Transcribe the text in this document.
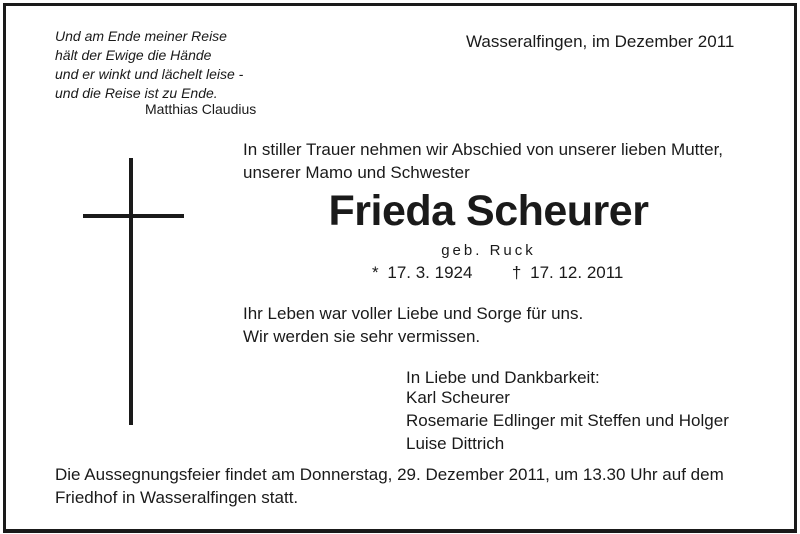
Und am Ende meiner Reise
hält der Ewige die Hände
und er winkt und lächelt leise -
und die Reise ist zu Ende.
Matthias Claudius
Wasseralfingen, im Dezember 2011
In stiller Trauer nehmen wir Abschied von unserer lieben Mutter,
unserer Mamo und Schwester
Frieda Scheurer
geb. Ruck
* 17. 3. 1924 † 17. 12. 2011
Ihr Leben war voller Liebe und Sorge für uns.
Wir werden sie sehr vermissen.
In Liebe und Dankbarkeit:
Karl Scheurer
Rosemarie Edlinger mit Steffen und Holger
Luise Dittrich
Die Aussegnungsfeier findet am Donnerstag, 29. Dezember 2011, um 13.30 Uhr auf dem
Friedhof in Wasseralfingen statt.
